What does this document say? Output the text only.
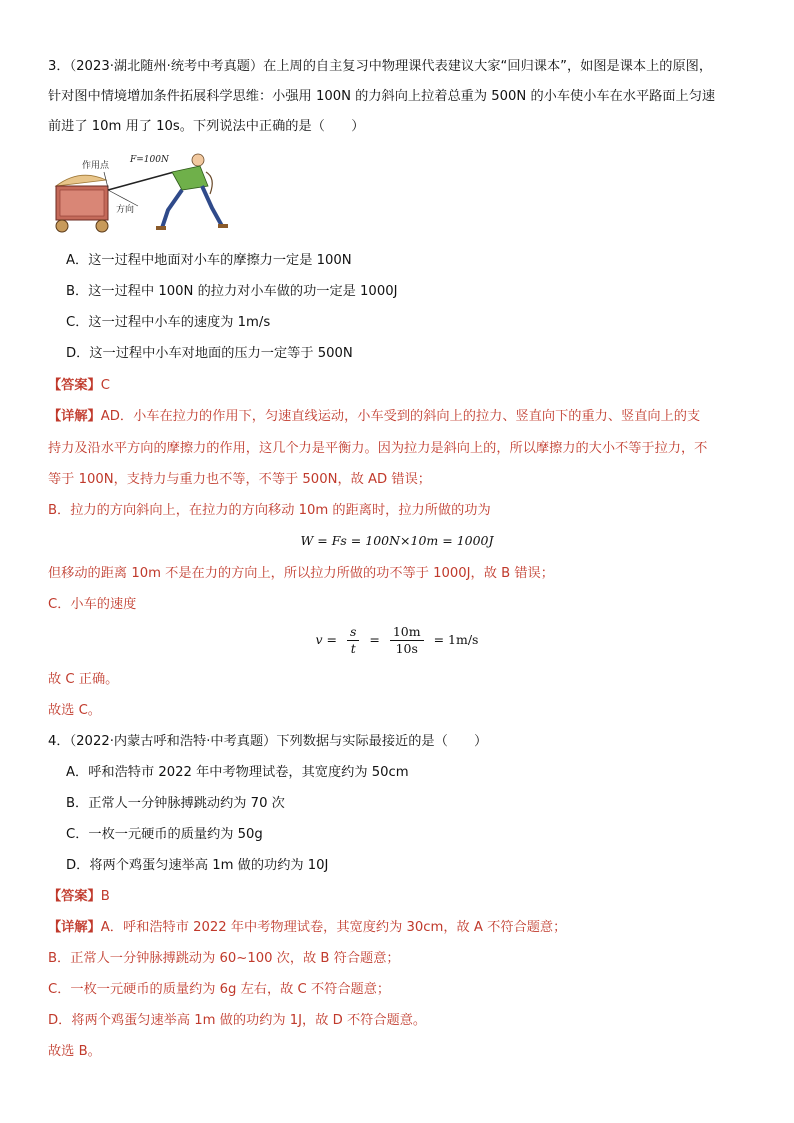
3．（2023·湖北随州·统考中考真题）在上周的自主复习中物理课代表建议大家“回归课本”，如图是课本上的原图，
针对图中情境增加条件拓展科学思维：小强用 100N 的力斜向上拉着总重为 500N 的小车使小车在水平路面上匀速
前进了 10m 用了 10s。下列说法中正确的是（　　）
作用点
F=100N
方向
A．这一过程中地面对小车的摩擦力一定是 100N
B．这一过程中 100N 的拉力对小车做的功一定是 1000J
C．这一过程中小车的速度为 1m/s
D．这一过程中小车对地面的压力一定等于 500N
【答案】C
【详解】AD．小车在拉力的作用下，匀速直线运动，小车受到的斜向上的拉力、竖直向下的重力、竖直向上的支
持力及沿水平方向的摩擦力的作用，这几个力是平衡力。因为拉力是斜向上的，所以摩擦力的大小不等于拉力，不
等于 100N，支持力与重力也不等，不等于 500N，故 AD 错误；
B．拉力的方向斜向上，在拉力的方向移动 10m 的距离时，拉力所做的功为
W = Fs = 100N×10m = 1000J
但移动的距离 10m 不是在力的方向上，所以拉力所做的功不等于 1000J，故 B 错误；
C．小车的速度
$v = \frac{s}{t} = \frac{10m}{10s} = 1m/s$
故 C 正确。
故选 C。
4．（2022·内蒙古呼和浩特·中考真题）下列数据与实际最接近的是（　　）
A．呼和浩特市 2022 年中考物理试卷，其宽度约为 50cm
B．正常人一分钟脉搏跳动约为 70 次
C．一枚一元硬币的质量约为 50g
D．将两个鸡蛋匀速举高 1m 做的功约为 10J
【答案】B
【详解】A．呼和浩特市 2022 年中考物理试卷，其宽度约为 30cm，故 A 不符合题意；
B．正常人一分钟脉搏跳动为 60~100 次，故 B 符合题意；
C．一枚一元硬币的质量约为 6g 左右，故 C 不符合题意；
D．将两个鸡蛋匀速举高 1m 做的功约为 1J，故 D 不符合题意。
故选 B。
